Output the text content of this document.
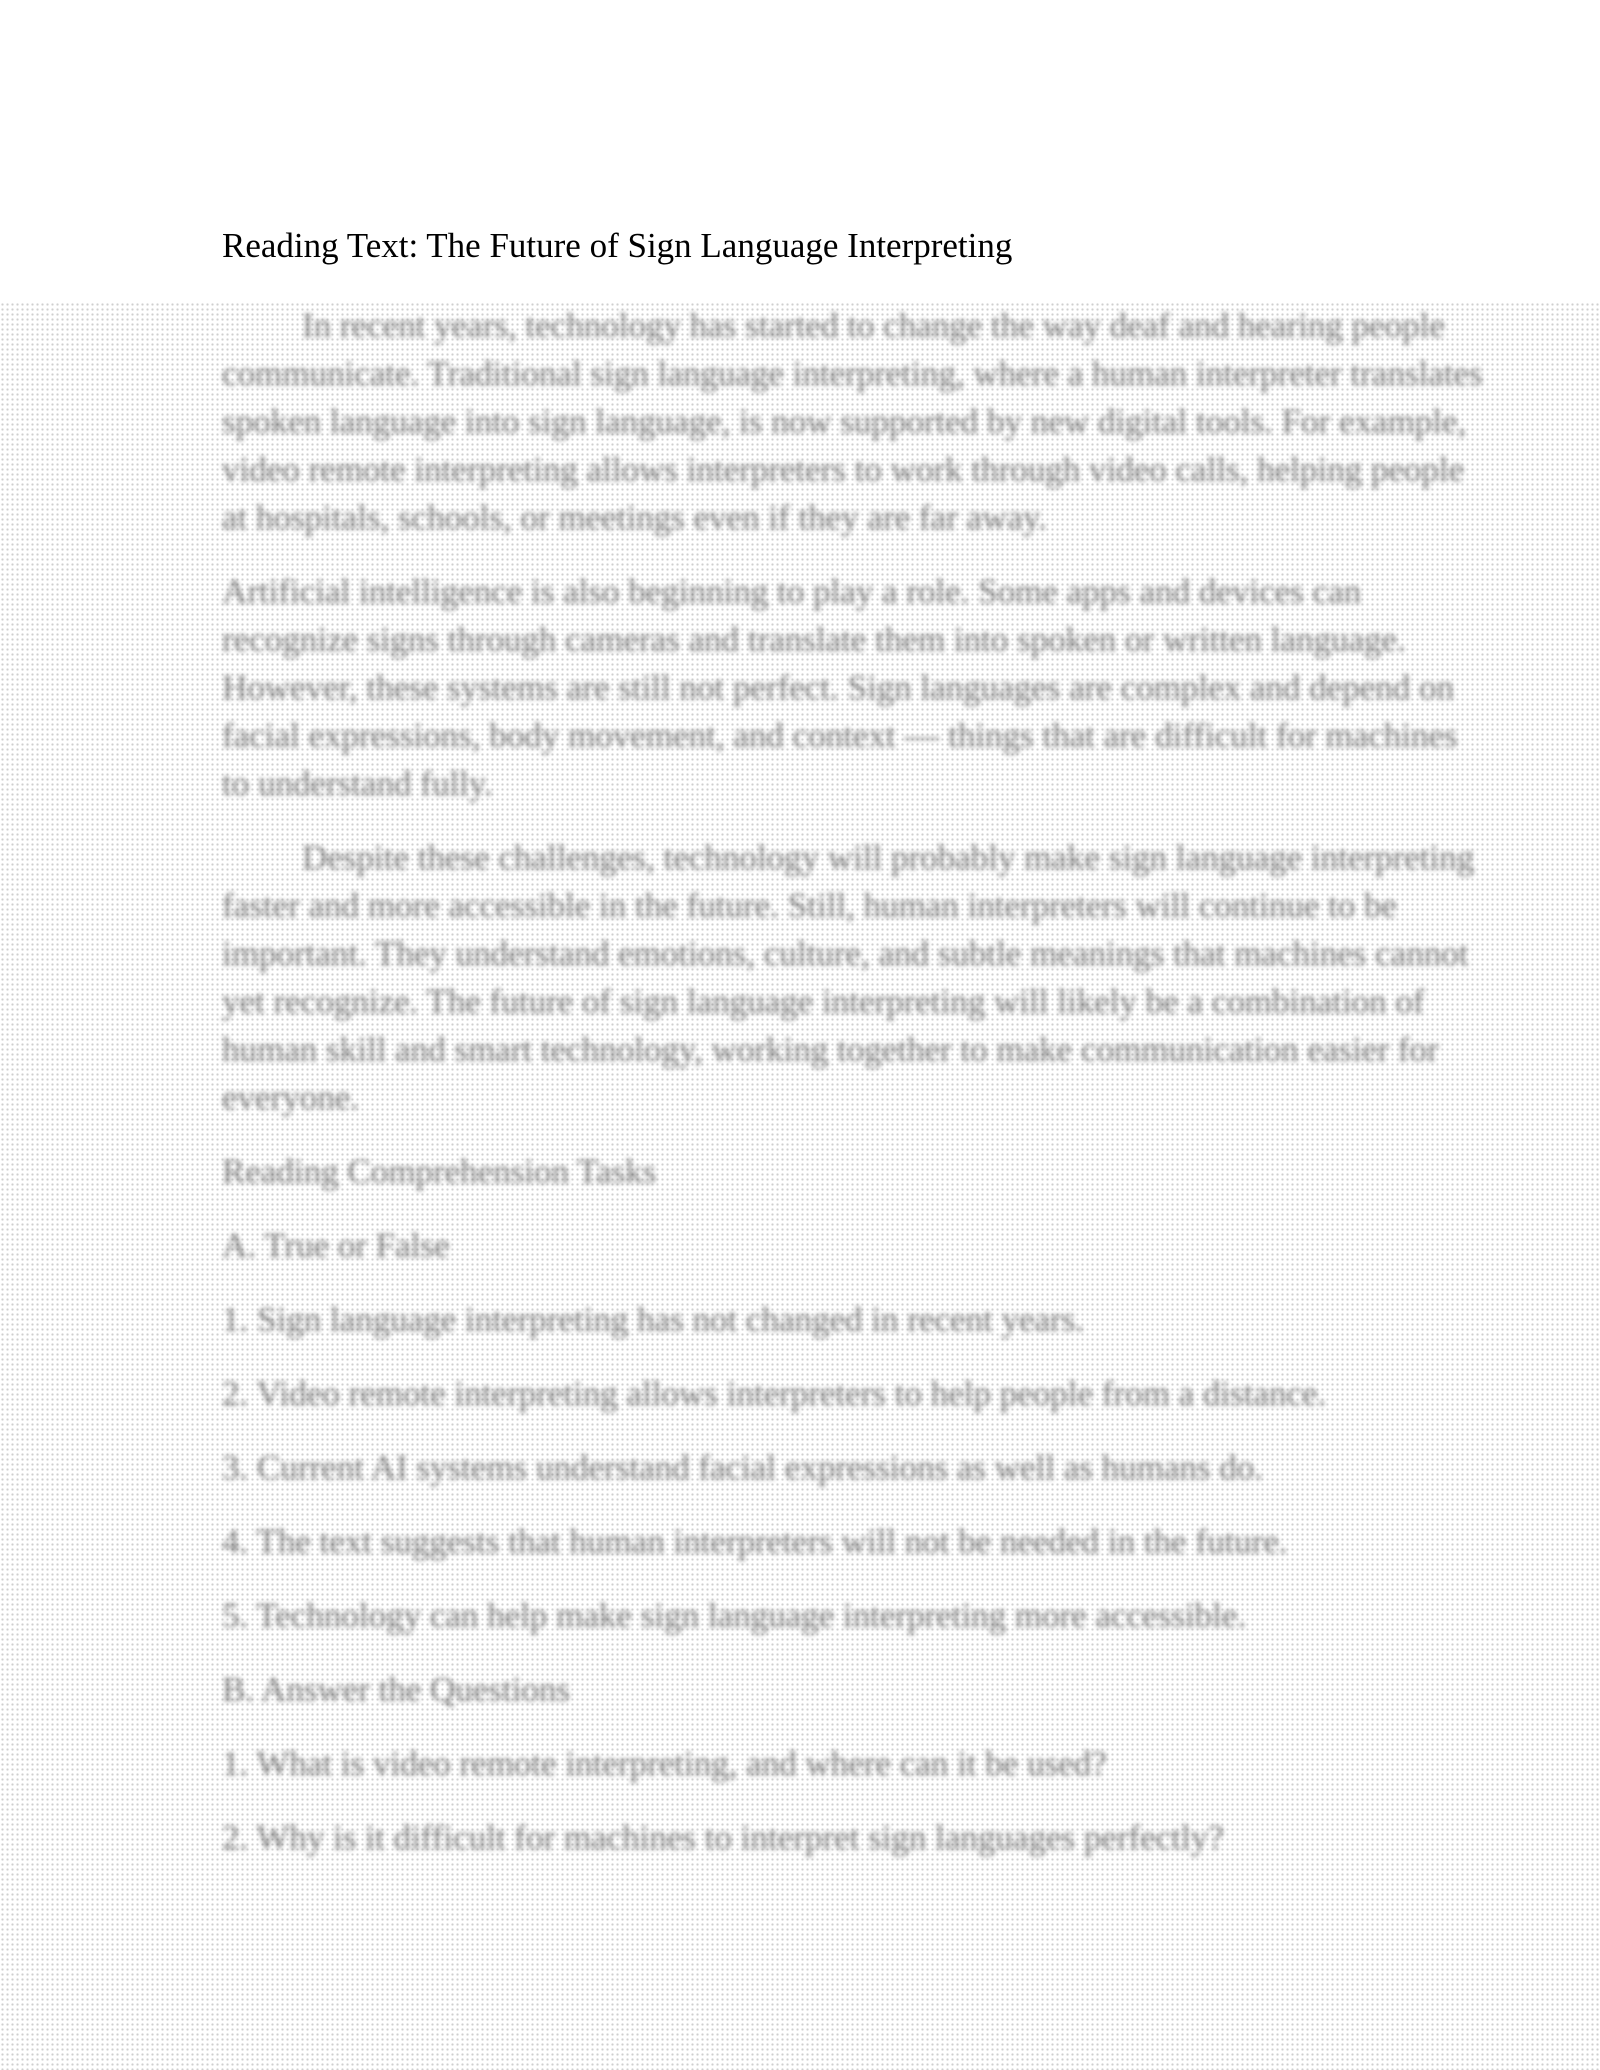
Reading Text: The Future of Sign Language Interpreting

In recent years, technology has started to change the way deaf and hearing people communicate. Traditional sign language interpreting, where a human interpreter translates spoken language into sign language, is now supported by new digital tools. For example, video remote interpreting allows interpreters to work through video calls, helping people at hospitals, schools, or meetings even if they are far away.

Artificial intelligence is also beginning to play a role. Some apps and devices can recognize signs through cameras and translate them into spoken or written language. However, these systems are still not perfect. Sign languages are complex and depend on facial expressions, body movement, and context — things that are difficult for machines to understand fully.

Despite these challenges, technology will probably make sign language interpreting faster and more accessible in the future. Still, human interpreters will continue to be important. They understand emotions, culture, and subtle meanings that machines cannot yet recognize. The future of sign language interpreting will likely be a combination of human skill and smart technology, working together to make communication easier for everyone.

Reading Comprehension Tasks
A. True or False
1. Sign language interpreting has not changed in recent years.
2. Video remote interpreting allows interpreters to help people from a distance.
3. Current AI systems understand facial expressions as well as humans do.
4. The text suggests that human interpreters will not be needed in the future.
5. Technology can help make sign language interpreting more accessible.
B. Answer the Questions
1. What is video remote interpreting, and where can it be used?
2. Why is it difficult for machines to interpret sign languages perfectly?
